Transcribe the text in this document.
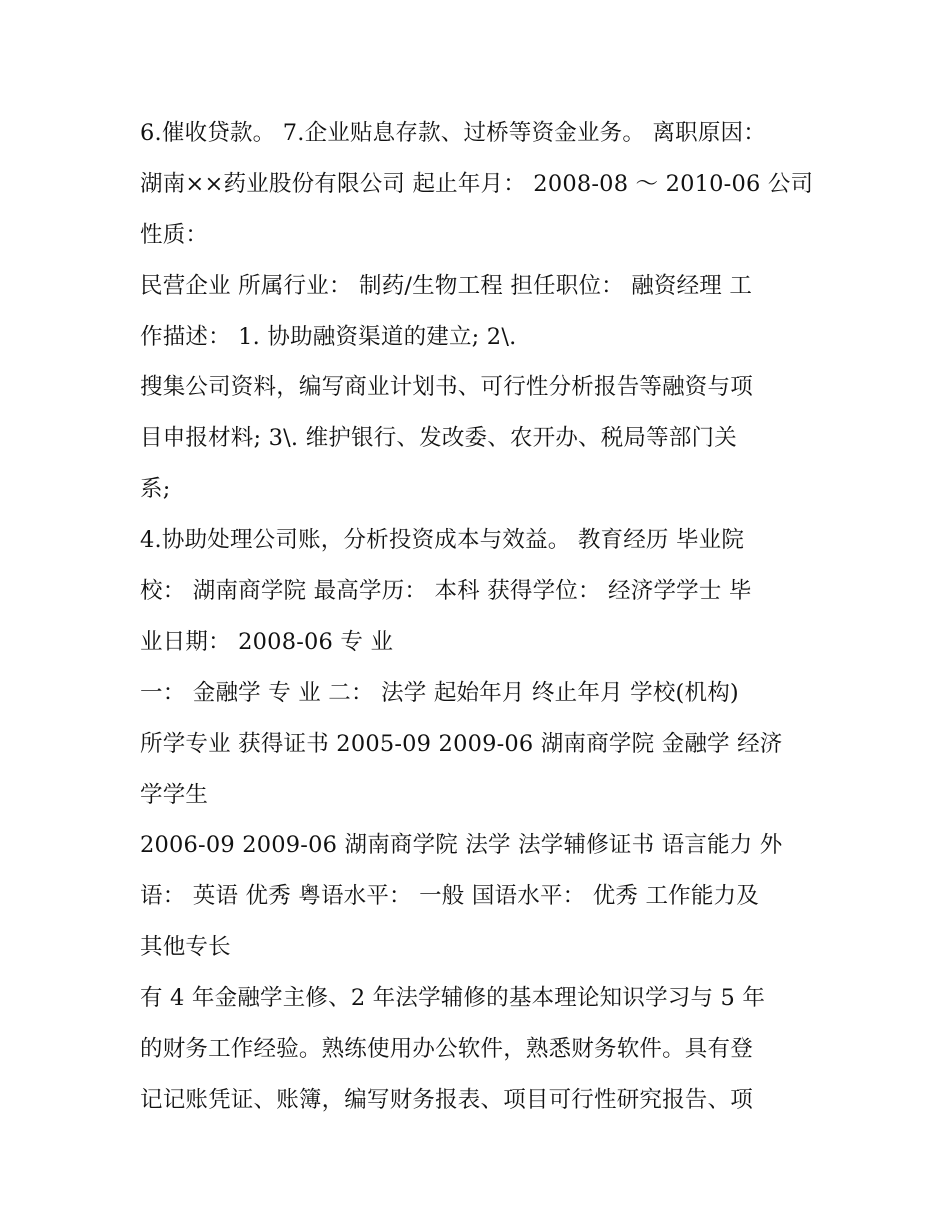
6.催收贷款。 7.企业贴息存款、过桥等资金业务。 离职原因：
湖南××药业股份有限公司 起止年月： 2008-08 ～ 2010-06 公司
性质：
民营企业 所属行业： 制药/生物工程 担任职位： 融资经理 工
作描述： 1. 协助融资渠道的建立; 2\.
搜集公司资料，编写商业计划书、可行性分析报告等融资与项
目申报材料; 3\. 维护银行、发改委、农开办、税局等部门关
系;
4.协助处理公司账，分析投资成本与效益。 教育经历 毕业院
校： 湖南商学院 最高学历： 本科 获得学位： 经济学学士 毕
业日期： 2008-06 专 业
一： 金融学 专 业 二： 法学 起始年月 终止年月 学校(机构)
所学专业 获得证书 2005-09 2009-06 湖南商学院 金融学 经济
学学生
2006-09 2009-06 湖南商学院 法学 法学辅修证书 语言能力 外
语： 英语 优秀 粤语水平： 一般 国语水平： 优秀 工作能力及
其他专长
有 4 年金融学主修、2 年法学辅修的基本理论知识学习与 5 年
的财务工作经验。熟练使用办公软件，熟悉财务软件。具有登
记记账凭证、账簿，编写财务报表、项目可行性研究报告、项
